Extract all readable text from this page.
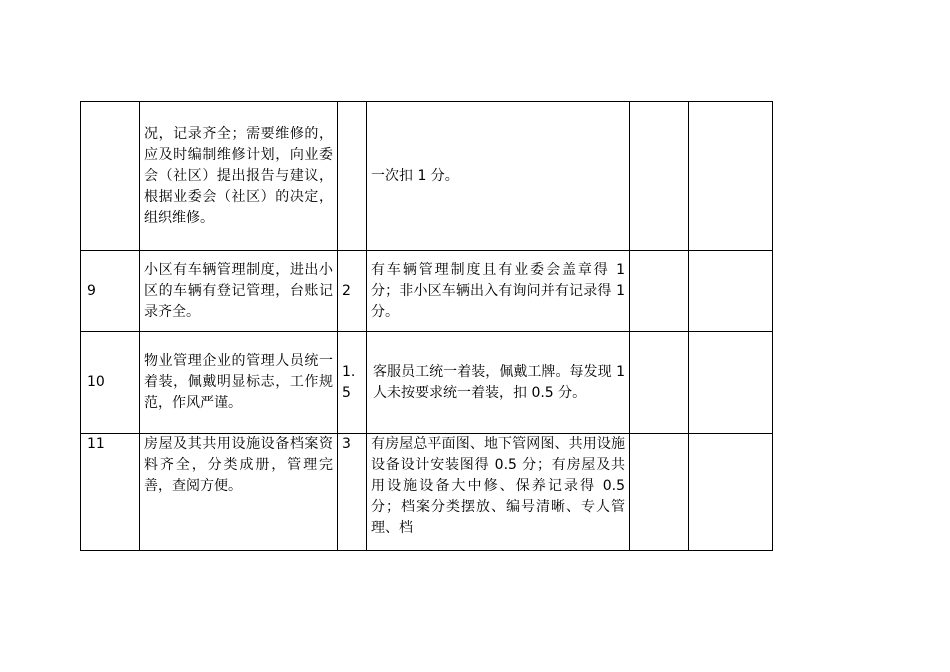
	况，记录齐全；需要维修的，应及时编制维修计划，向业委会（社区）提出报告与建议，根据业委会（社区）的决定，组织维修。		一次扣 1 分。		

9	小区有车辆管理制度，进出小区的车辆有登记管理，台账记录齐全。	2	有车辆管理制度且有业委会盖章得 1 分；非小区车辆出入有询问并有记录得 1 分。		

10	物业管理企业的管理人员统一着装，佩戴明显标志，工作规范，作风严谨。	1.5	客服员工统一着装，佩戴工牌。每发现 1 人未按要求统一着装，扣 0.5 分。		

11	房屋及其共用设施设备档案资料齐全，分类成册，管理完善，查阅方便。	3	有房屋总平面图、地下管网图、共用设施设备设计安装图得 0.5 分；有房屋及共用设施设备大中修、保养记录得 0.5 分；档案分类摆放、编号清晰、专人管理、档		
